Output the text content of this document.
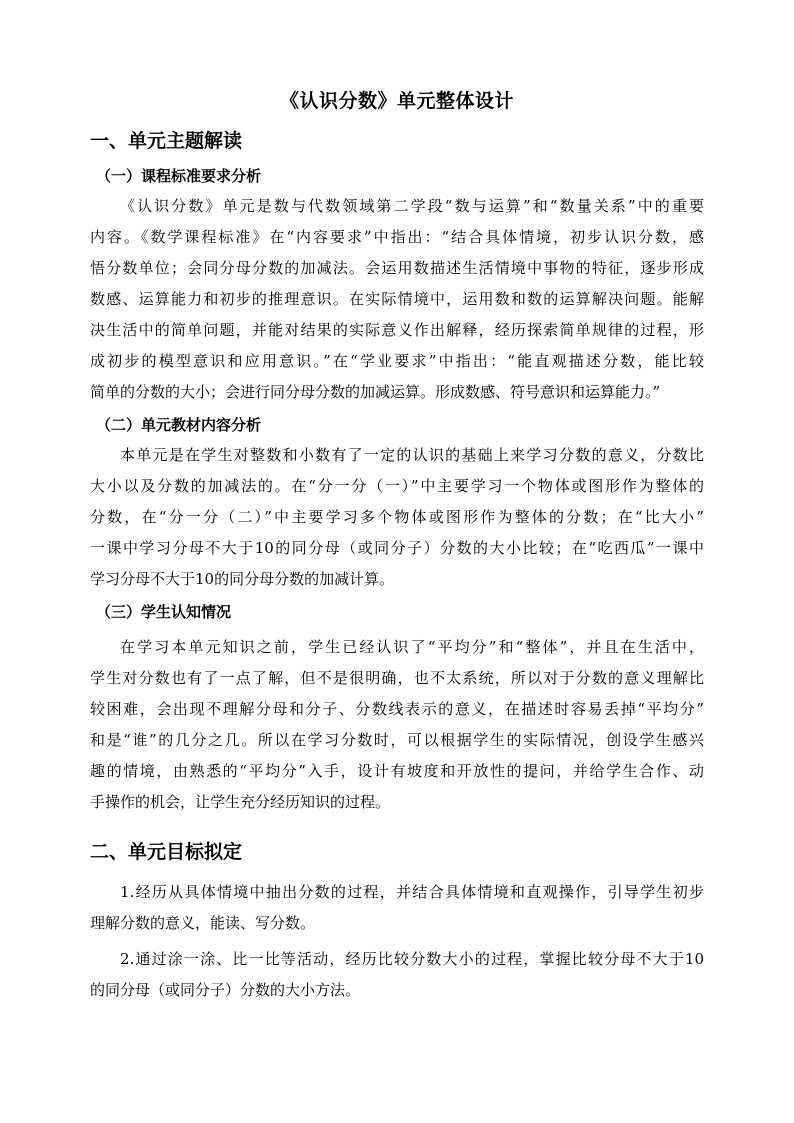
《认识分数》单元整体设计
一、单元主题解读
（一）课程标准要求分析
《认识分数》单元是数与代数领域第二学段“数与运算”和“数量关系”中的重要
内容。《数学课程标准》在“内容要求”中指出：“结合具体情境，初步认识分数，感
悟分数单位；会同分母分数的加减法。会运用数描述生活情境中事物的特征，逐步形成
数感、运算能力和初步的推理意识。在实际情境中，运用数和数的运算解决问题。能解
决生活中的简单问题，并能对结果的实际意义作出解释，经历探索简单规律的过程，形
成初步的模型意识和应用意识。”在“学业要求”中指出：“能直观描述分数，能比较
简单的分数的大小；会进行同分母分数的加减运算。形成数感、符号意识和运算能力。”
（二）单元教材内容分析
本单元是在学生对整数和小数有了一定的认识的基础上来学习分数的意义，分数比
大小以及分数的加减法的。在“分一分（一）”中主要学习一个物体或图形作为整体的
分数，在“分一分（二）”中主要学习多个物体或图形作为整体的分数；在“比大小”
一课中学习分母不大于10的同分母（或同分子）分数的大小比较；在“吃西瓜”一课中
学习分母不大于10的同分母分数的加减计算。
（三）学生认知情况
在学习本单元知识之前，学生已经认识了“平均分”和“整体”，并且在生活中，
学生对分数也有了一点了解，但不是很明确，也不太系统，所以对于分数的意义理解比
较困难，会出现不理解分母和分子、分数线表示的意义，在描述时容易丢掉“平均分”
和是“谁”的几分之几。所以在学习分数时，可以根据学生的实际情况，创设学生感兴
趣的情境，由熟悉的“平均分”入手，设计有坡度和开放性的提问，并给学生合作、动
手操作的机会，让学生充分经历知识的过程。
二、单元目标拟定
1.经历从具体情境中抽出分数的过程，并结合具体情境和直观操作，引导学生初步
理解分数的意义，能读、写分数。
2.通过涂一涂、比一比等活动，经历比较分数大小的过程，掌握比较分母不大于10
的同分母（或同分子）分数的大小方法。
